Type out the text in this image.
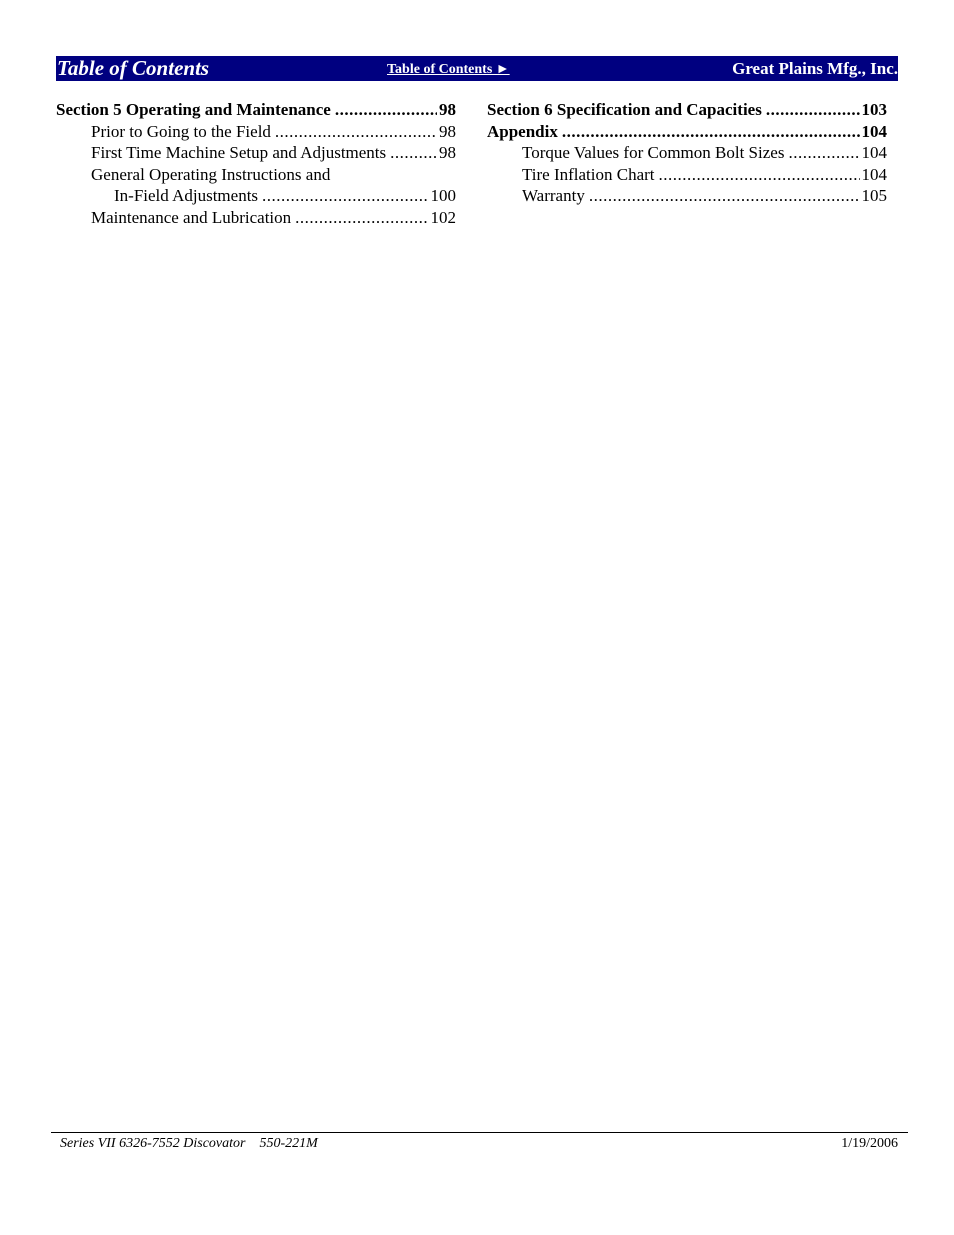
Table of Contents	Table of Contents ►	Great Plains Mfg., Inc.
Section 5 Operating and Maintenance .....	98
Prior to Going to the Field .....	98
First Time Machine Setup and Adjustments .....	98
General Operating Instructions and
In-Field Adjustments .....	100
Maintenance and Lubrication .....	102
Section 6 Specification and Capacities .....	103
Appendix .....	104
Torque Values for Common Bolt Sizes .....	104
Tire Inflation Chart .....	104
Warranty .....	105
Series VII 6326-7552 Discovator    550-221M	1/19/2006
